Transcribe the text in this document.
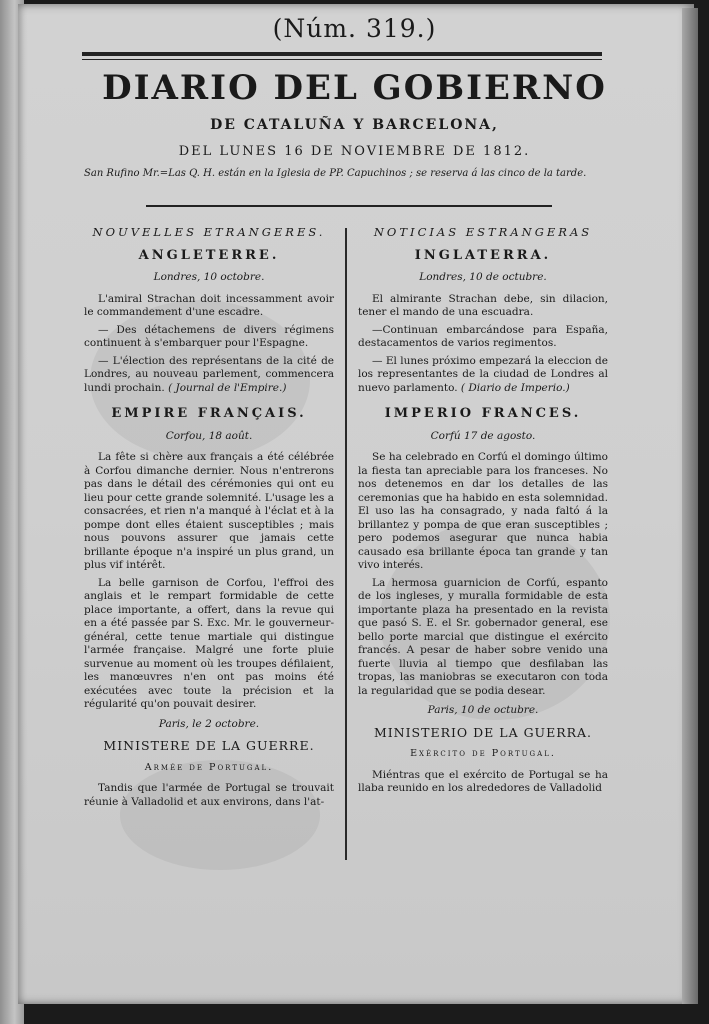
(Núm. 319.)
DIARIO DEL GOBIERNO
DE CATALUÑA Y BARCELONA,
DEL LUNES 16 DE NOVIEMBRE DE 1812.
San Rufino Mr.=Las Q. H. están en la Iglesia de PP. Capuchinos ; se reserva á las cinco de la tarde.
NOUVELLES ETRANGERES.
ANGLETERRE.
Londres, 10 octobre.

L'amiral Strachan doit incessamment avoir le commandement d'une escadre.

— Des détachemens de divers régimens continuent à s'embarquer pour l'Espagne.

— L'élection des représentans de la cité de Londres, au nouveau parlement, commencera lundi prochain. ( Journal de l'Empire.)

EMPIRE FRANÇAIS.
Corfou, 18 août.

La fête si chère aux français a été célébrée à Corfou dimanche dernier. Nous n'entrerons pas dans le détail des cérémonies qui ont eu lieu pour cette grande solemnité. L'usage les a consacrées, et rien n'a manqué à l'éclat et à la pompe dont elles étaient susceptibles ; mais nous pouvons assurer que jamais cette brillante époque n'a inspiré un plus grand, un plus vif intérêt.

La belle garnison de Corfou, l'effroi des anglais et le rempart formidable de cette place importante, a offert, dans la revue qui en a été passée par S. Exc. Mr. le gouverneur-général, cette tenue martiale qui distingue l'armée française. Malgré une forte pluie survenue au moment où les troupes défilaient, les manœuvres n'en ont pas moins été exécutées avec toute la précision et la régularité qu'on pouvait desirer.

Paris, le 2 octobre.
MINISTERE DE LA GUERRE.
Armée de Portugal.

Tandis que l'armée de Portugal se trouvait réunie à Valladolid et aux environs, dans l'at-

NOTICIAS ESTRANGERAS
INGLATERRA.
Londres, 10 de octubre.

El almirante Strachan debe, sin dilacion, tener el mando de una escuadra.

—Continuan embarcándose para España, destacamentos de varios regimentos.

— El lunes próximo empezará la eleccion de los representantes de la ciudad de Londres al nuevo parlamento. ( Diario de Imperio.)

IMPERIO FRANCES.
Corfú 17 de agosto.

Se ha celebrado en Corfú el domingo último la fiesta tan apreciable para los franceses. No nos detenemos en dar los detalles de las ceremonias que ha habido en esta solemnidad. El uso las ha consagrado, y nada faltó á la brillantez y pompa de que eran susceptibles ; pero podemos asegurar que nunca habia causado esa brillante época tan grande y tan vivo interés.

La hermosa guarnicion de Corfú, espanto de los ingleses, y muralla formidable de esta importante plaza ha presentado en la revista que pasó S. E. el Sr. gobernador general, ese bello porte marcial que distingue el exército francés. A pesar de haber sobre venido una fuerte lluvia al tiempo que desfilaban las tropas, las maniobras se executaron con toda la regularidad que se podia desear.

Paris, 10 de octubre.
MINISTERIO DE LA GUERRA.
Exército de Portugal.

Miéntras que el exército de Portugal se ha llaba reunido en los alrededores de Valladolid
